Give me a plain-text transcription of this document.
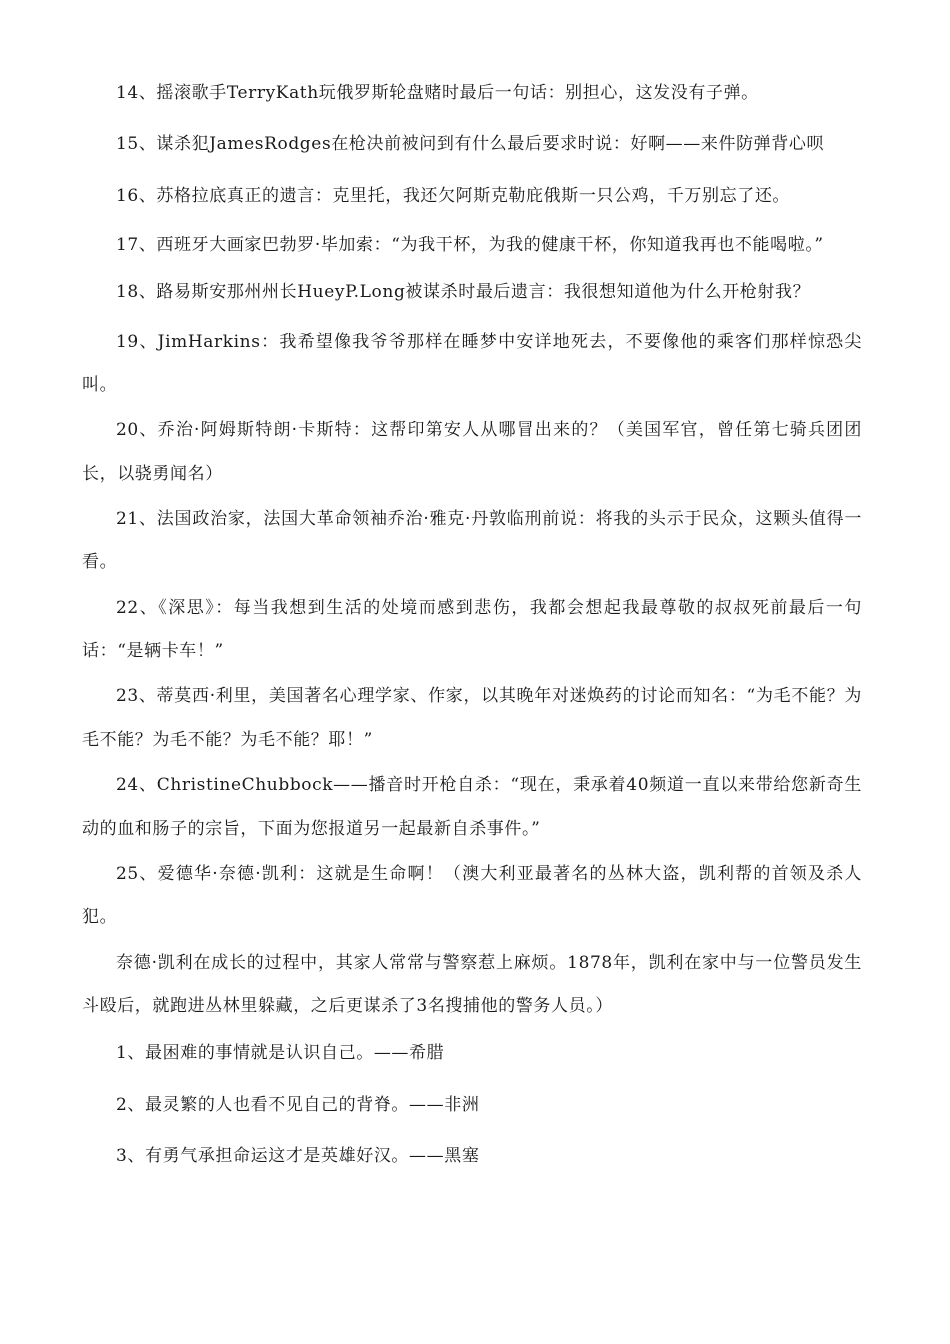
14、摇滚歌手TerryKath玩俄罗斯轮盘赌时最后一句话：别担心，这发没有子弹。

15、谋杀犯JamesRodges在枪决前被问到有什么最后要求时说：好啊——来件防弹背心呗

16、苏格拉底真正的遗言：克里托，我还欠阿斯克勒庇俄斯一只公鸡，千万别忘了还。

17、西班牙大画家巴勃罗·毕加索：“为我干杯，为我的健康干杯，你知道我再也不能喝啦。”

18、路易斯安那州州长HueyP.Long被谋杀时最后遗言：我很想知道他为什么开枪射我？

19、JimHarkins：我希望像我爷爷那样在睡梦中安详地死去，不要像他的乘客们那样惊恐尖叫。

20、乔治·阿姆斯特朗·卡斯特：这帮印第安人从哪冒出来的？（美国军官，曾任第七骑兵团团长，以骁勇闻名）

21、法国政治家，法国大革命领袖乔治·雅克·丹敦临刑前说：将我的头示于民众，这颗头值得一看。

22、《深思》：每当我想到生活的处境而感到悲伤，我都会想起我最尊敬的叔叔死前最后一句话：“是辆卡车！”

23、蒂莫西·利里，美国著名心理学家、作家，以其晚年对迷焕药的讨论而知名：“为毛不能？为毛不能？为毛不能？为毛不能？耶！”

24、ChristineChubbock——播音时开枪自杀：“现在，秉承着40频道一直以来带给您新奇生动的血和肠子的宗旨，下面为您报道另一起最新自杀事件。”

25、爱德华·奈德·凯利：这就是生命啊！（澳大利亚最著名的丛林大盗，凯利帮的首领及杀人犯。

奈德·凯利在成长的过程中，其家人常常与警察惹上麻烦。1878年，凯利在家中与一位警员发生斗殴后，就跑进丛林里躲藏，之后更谋杀了3名搜捕他的警务人员。）

1、最困难的事情就是认识自己。——希腊

2、最灵繁的人也看不见自己的背脊。——非洲

3、有勇气承担命运这才是英雄好汉。——黑塞
